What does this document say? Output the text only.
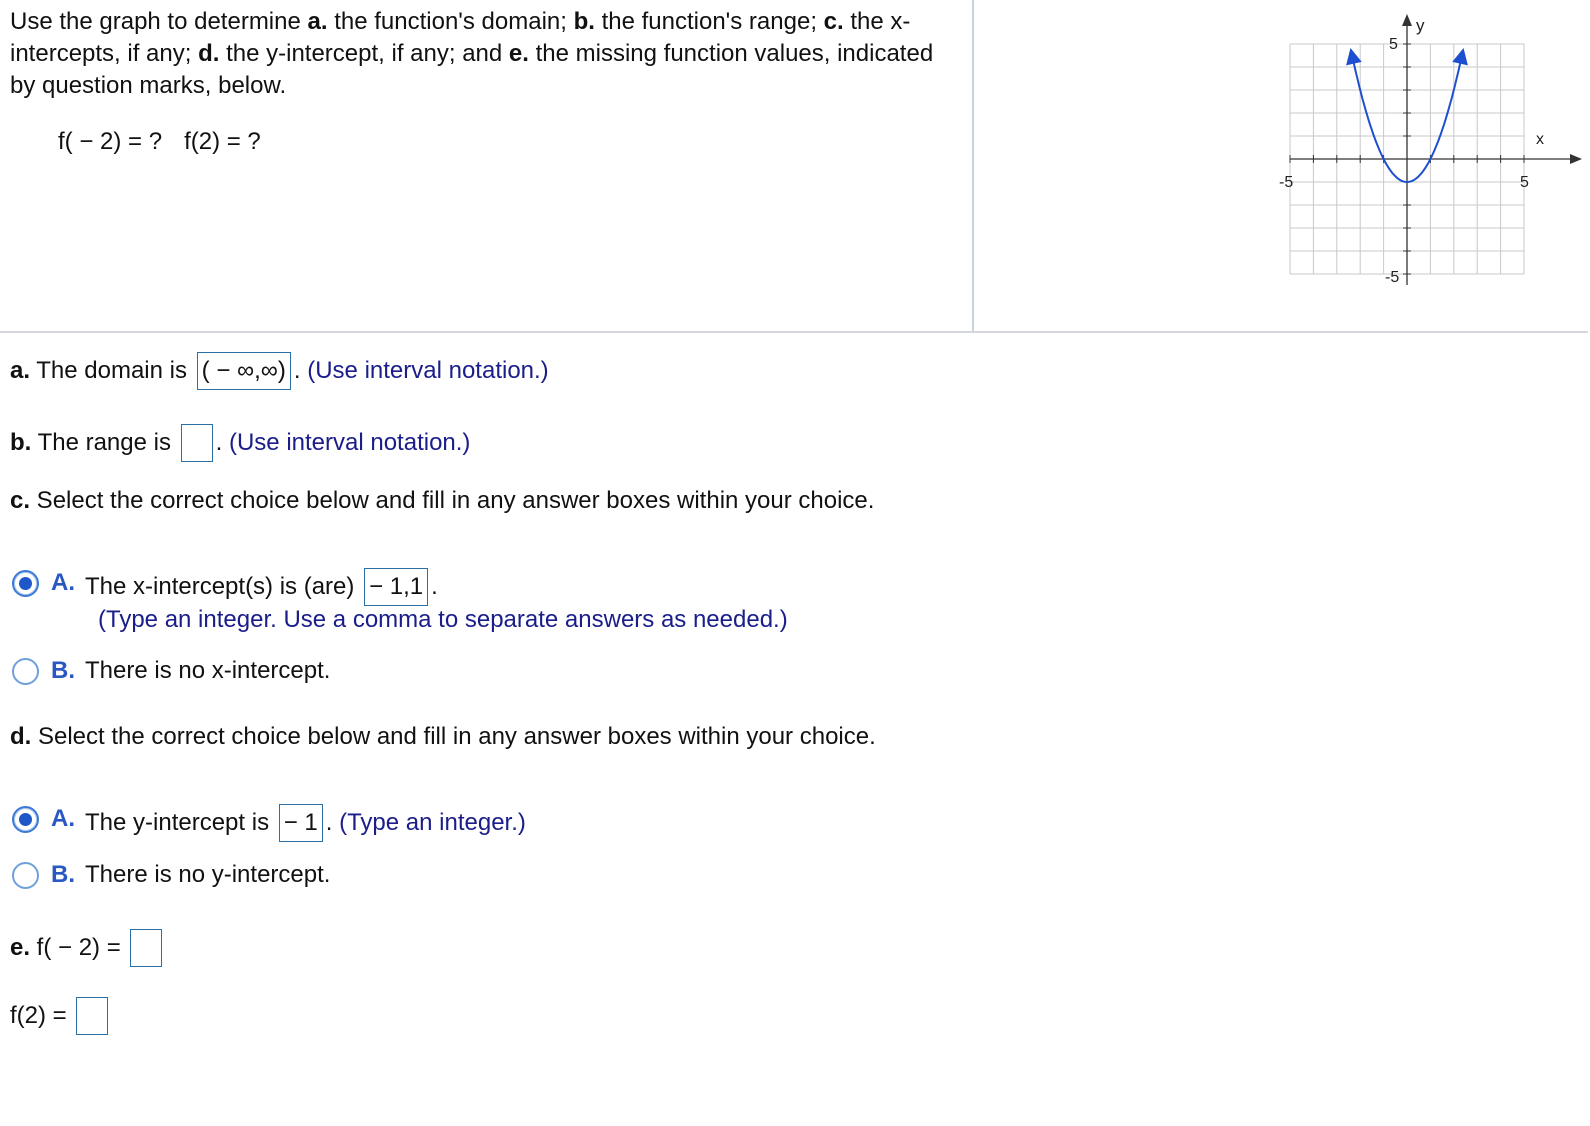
Use the graph to determine a. the function's domain; b. the function's range; c. the x-intercepts, if any; d. the y-intercept, if any; and e. the missing function values, indicated by question marks, below.
f( − 2) = ? f(2) = ?
y
x
-5	5
5
-5
a. The domain is ( − ∞,∞) . (Use interval notation.)
b. The range is . (Use interval notation.)
c. Select the correct choice below and fill in any answer boxes within your choice.
A. The x-intercept(s) is (are) − 1,1 .
(Type an integer. Use a comma to separate answers as needed.)
B. There is no x-intercept.
d. Select the correct choice below and fill in any answer boxes within your choice.
A. The y-intercept is − 1 . (Type an integer.)
B. There is no y-intercept.
e. f( − 2) =
f(2) =
